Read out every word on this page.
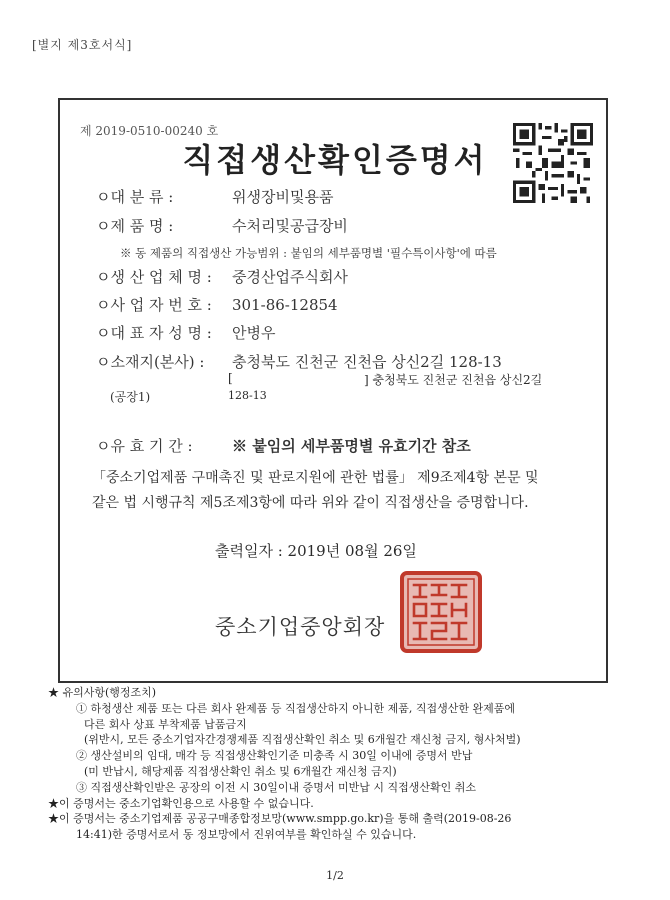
[별지 제3호서식]
제 2019-0510-00240 호
직접생산확인증명서
ㅇ대 분 류 :	위생장비및용품
ㅇ제 품 명 :	수처리및공급장비
※ 동 제품의 직접생산 가능범위 : 붙임의 세부품명별 '필수특이사항'에 따름
ㅇ생 산 업 체 명 : 중경산업주식회사
ㅇ사 업 자 번 호 : 301-86-12854
ㅇ대 표 자 성 명 : 안병우
ㅇ소재지(본사) : 충청북도 진천군 진천읍 상신2길 128-13
(공장1)
[	] 충청북도 진천군 진천읍 상신2길
128-13
ㅇ유 효 기 간 :	※ 붙임의 세부품명별 유효기간 참조
「중소기업제품 구매촉진 및 판로지원에 관한 법률」 제9조제4항 본문 및
같은 법 시행규칙 제5조제3항에 따라 위와 같이 직접생산을 증명합니다.
출력일자 : 2019년 08월 26일
중소기업중앙회장
★ 유의사항(행정조치)
① 하청생산 제품 또는 다른 회사 완제품 등 직접생산하지 아니한 제품, 직접생산한 완제품에
다른 회사 상표 부착제품 납품금지
(위반시, 모든 중소기업자간경쟁제품 직접생산확인 취소 및 6개월간 재신청 금지, 형사처벌)
② 생산설비의 임대, 매각 등 직접생산확인기준 미충족 시 30일 이내에 증명서 반납
(미 반납시, 해당제품 직접생산확인 취소 및 6개월간 재신청 금지)
③ 직접생산확인받은 공장의 이전 시 30일이내 증명서 미반납 시 직접생산확인 취소
★이 증명서는 중소기업확인용으로 사용할 수 없습니다.
★이 증명서는 중소기업제품 공공구매종합정보망(www.smpp.go.kr)을 통해 출력(2019-08-26
14:41)한 증명서로서 동 정보망에서 진위여부를 확인하실 수 있습니다.
1/2
